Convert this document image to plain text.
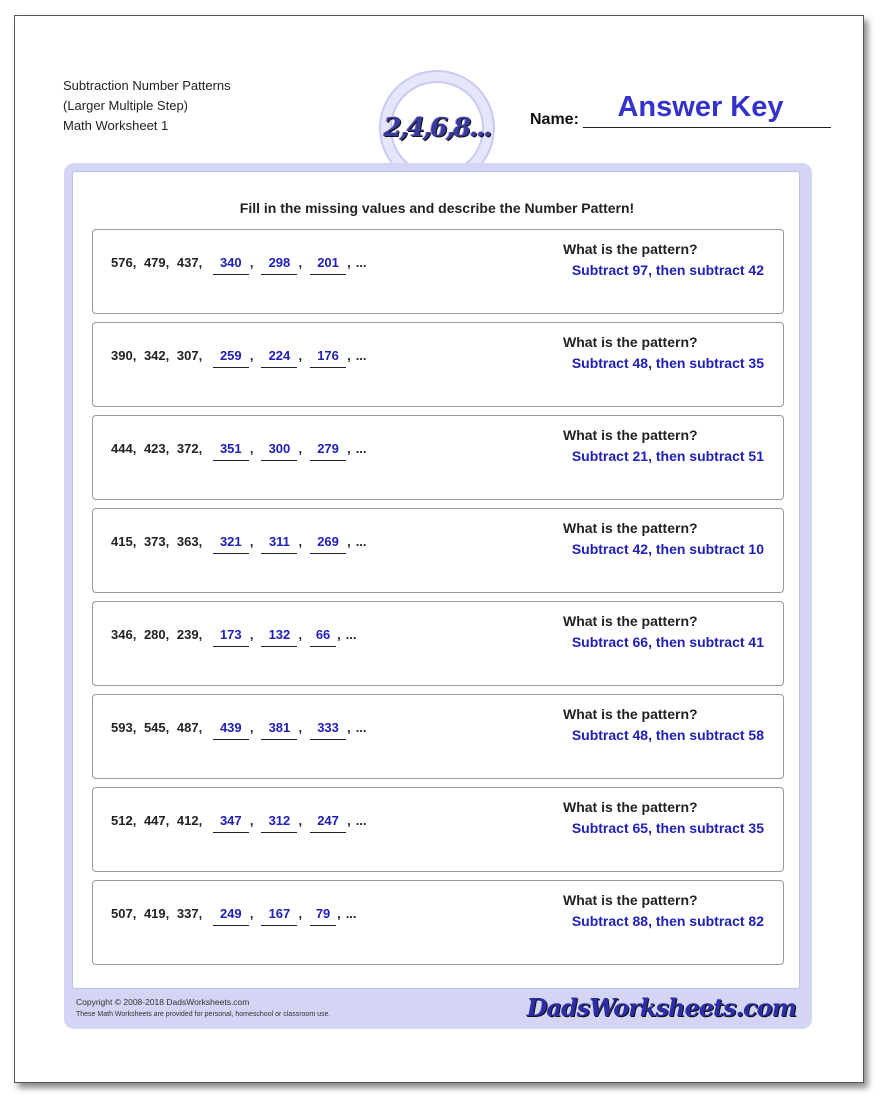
Subtraction Number Patterns
(Larger Multiple Step)
Math Worksheet 1	2,4,6,8... Name:	Answer Key
Fill in the missing values and describe the Number Pattern!
576, 479, 437, 340 , 298 , 201 , ...
What is the pattern?
Subtract 97, then subtract 42
390, 342, 307, 259 , 224 , 176 , ...
What is the pattern?
Subtract 48, then subtract 35
444, 423, 372, 351 , 300 , 279 , ...
What is the pattern?
Subtract 21, then subtract 51
415, 373, 363, 321 , 311 , 269 , ...
What is the pattern?
Subtract 42, then subtract 10
346, 280, 239, 173 , 132 , 66 , ...
What is the pattern?
Subtract 66, then subtract 41
593, 545, 487, 439 , 381 , 333 , ...
What is the pattern?
Subtract 48, then subtract 58
512, 447, 412, 347 , 312 , 247 , ...
What is the pattern?
Subtract 65, then subtract 35
507, 419, 337, 249 , 167 , 79 , ...
What is the pattern?
Subtract 88, then subtract 82
Copyright © 2008-2018 DadsWorksheets.com
These Math Worksheets are provided for personal, homeschool or classroom use.	DadsWorksheets.com
